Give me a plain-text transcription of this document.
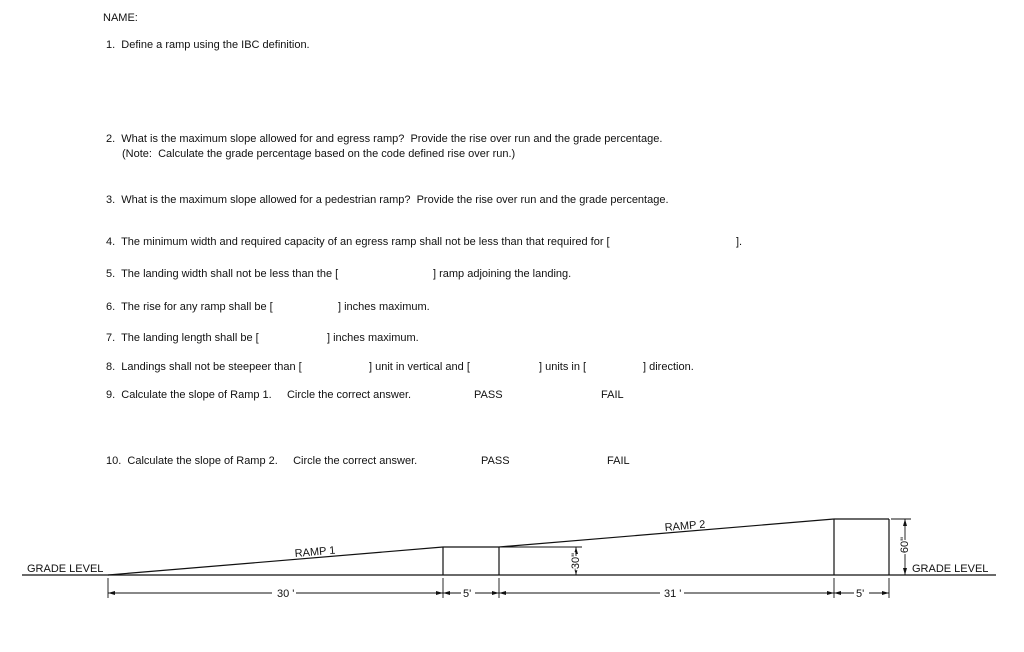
NAME:
1.  Define a ramp using the IBC definition.
2.  What is the maximum slope allowed for and egress ramp?  Provide the rise over run and the grade percentage.
(Note:  Calculate the grade percentage based on the code defined rise over run.)
3.  What is the maximum slope allowed for a pedestrian ramp?  Provide the rise over run and the grade percentage.
4.  The minimum width and required capacity of an egress ramp shall not be less than that required for [	].
5.  The landing width shall not be less than the [	] ramp adjoining the landing.
6.  The rise for any ramp shall be [	] inches maximum.
7.  The landing length shall be [	] inches maximum.
8.  Landings shall not be steepeer than [	] unit in vertical and [	] units in [	] direction.
9.  Calculate the slope of Ramp 1.     Circle the correct answer.	PASS	FAIL
10.  Calculate the slope of Ramp 2.     Circle the correct answer.	PASS	FAIL
GRADE LEVEL	GRADE LEVEL
RAMP 1
RAMP 2
30 '	5'	31 '	5'
30"
60"
